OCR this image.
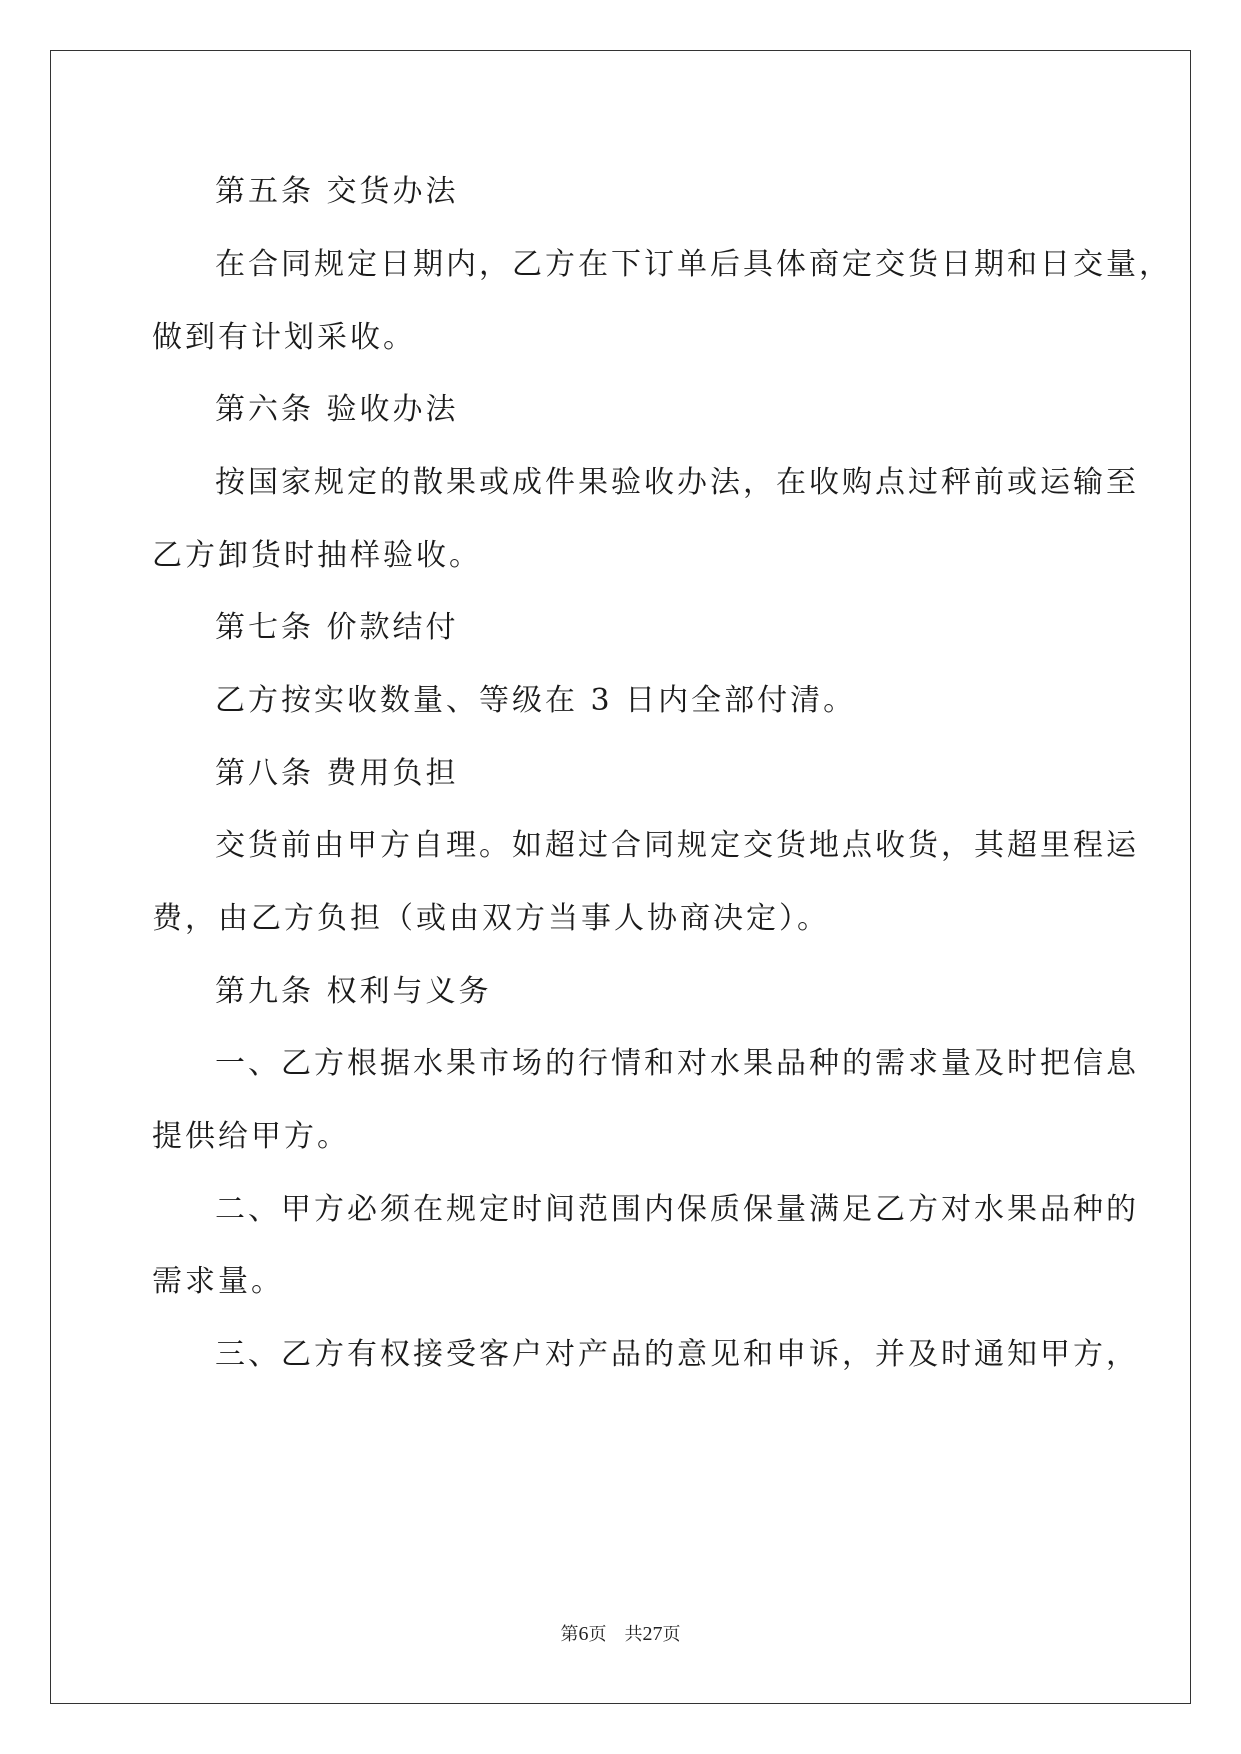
第五条 交货办法

在合同规定日期内，乙方在下订单后具体商定交货日期和日交量，

做到有计划采收。

第六条 验收办法

按国家规定的散果或成件果验收办法，在收购点过秤前或运输至

乙方卸货时抽样验收。

第七条 价款结付

乙方按实收数量、等级在 3 日内全部付清。

第八条 费用负担

交货前由甲方自理。如超过合同规定交货地点收货，其超里程运

费，由乙方负担（或由双方当事人协商决定）。

第九条 权利与义务

一、乙方根据水果市场的行情和对水果品种的需求量及时把信息

提供给甲方。

二、甲方必须在规定时间范围内保质保量满足乙方对水果品种的

需求量。

三、乙方有权接受客户对产品的意见和申诉，并及时通知甲方，

第6页　 共27页
